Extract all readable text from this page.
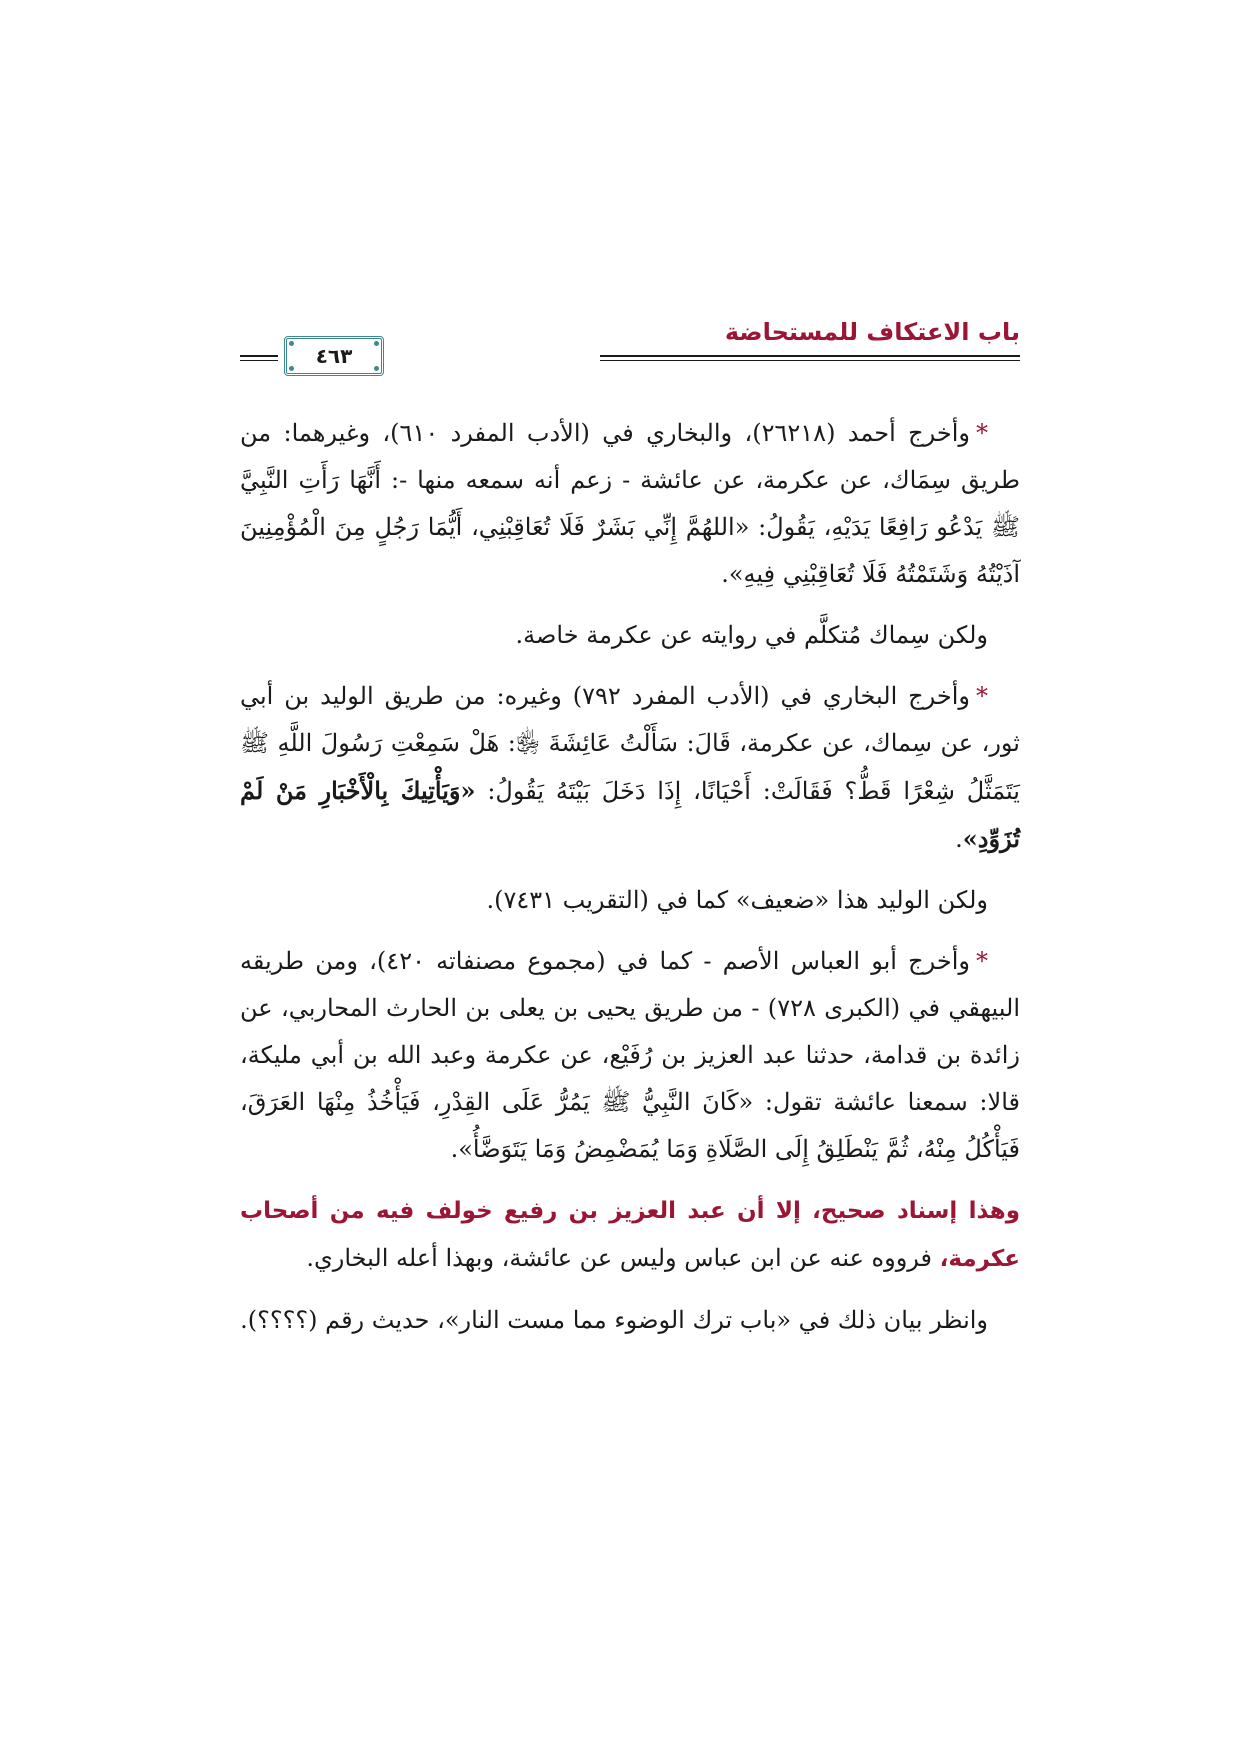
باب الاعتكاف للمستحاضة
٤٦٣

*وأخرج أحمد (٢٦٢١٨)، والبخاري في (الأدب المفرد ٦١٠)، وغيرهما: من طريق سِمَاك، عن عكرمة، عن عائشة - زعم أنه سمعه منها -: أَنَّهَا رَأَتِ النَّبِيَّ ﷺ يَدْعُو رَافِعًا يَدَيْهِ، يَقُولُ: «اللهُمَّ إِنِّي بَشَرٌ فَلَا تُعَاقِبْنِي، أَيُّمَا رَجُلٍ مِنَ الْمُؤْمِنِينَ آذَيْتُهُ وَشَتَمْتُهُ فَلَا تُعَاقِبْنِي فِيهِ».

ولكن سِماك مُتكلَّم في روايته عن عكرمة خاصة.

*وأخرج البخاري في (الأدب المفرد ٧٩٢) وغيره: من طريق الوليد بن أبي ثور، عن سِماك، عن عكرمة، قَالَ: سَأَلْتُ عَائِشَةَ ﵂: هَلْ سَمِعْتِ رَسُولَ اللَّهِ ﷺ يَتَمَثَّلُ شِعْرًا قَطُّ؟ فَقَالَتْ: أَحْيَانًا، إِذَا دَخَلَ بَيْتَهُ يَقُولُ: «وَيَأْتِيكَ بِالْأَخْبَارِ مَنْ لَمْ تُزَوِّدِ».

ولكن الوليد هذا «ضعيف» كما في (التقريب ٧٤٣١).

*وأخرج أبو العباس الأصم - كما في (مجموع مصنفاته ٤٢٠)، ومن طريقه البيهقي في (الكبرى ٧٢٨) - من طريق يحيى بن يعلى بن الحارث المحاربي، عن زائدة بن قدامة، حدثنا عبد العزيز بن رُفَيْع، عن عكرمة وعبد الله بن أبي مليكة، قالا: سمعنا عائشة تقول: «كَانَ النَّبِيُّ ﷺ يَمُرُّ عَلَى القِدْرِ، فَيَأْخُذُ مِنْهَا العَرَقَ، فَيَأْكُلُ مِنْهُ، ثُمَّ يَنْطَلِقُ إِلَى الصَّلَاةِ وَمَا يُمَضْمِضُ وَمَا يَتَوَضَّأُ».

وهذا إسناد صحيح، إلا أن عبد العزيز بن رفيع خولف فيه من أصحاب عكرمة، فرووه عنه عن ابن عباس وليس عن عائشة، وبهذا أعله البخاري.

وانظر بيان ذلك في «باب ترك الوضوء مما مست النار»، حديث رقم (؟؟؟؟).
